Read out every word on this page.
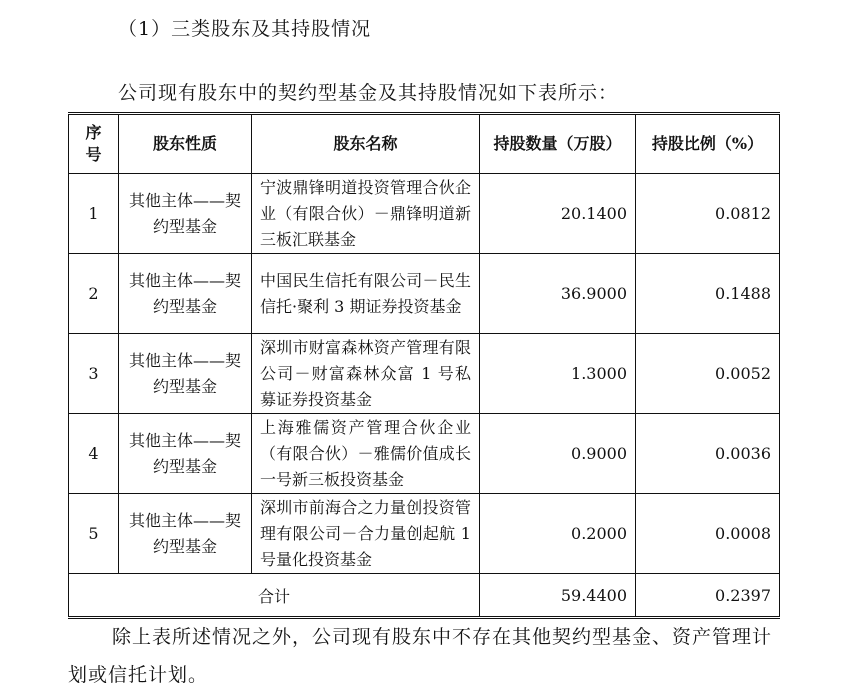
（1）三类股东及其持股情况
公司现有股东中的契约型基金及其持股情况如下表所示：
序号	股东性质	股东名称	持股数量（万股）	持股比例（%）
1	其他主体——契约型基金	宁波鼎锋明道投资管理合伙企业（有限合伙）－鼎锋明道新三板汇联基金	20.1400	0.0812
2	其他主体——契约型基金	中国民生信托有限公司－民生信托·聚利 3 期证券投资基金	36.9000	0.1488
3	其他主体——契约型基金	深圳市财富森林资产管理有限公司－财富森林众富 1 号私募证券投资基金	1.3000	0.0052
4	其他主体——契约型基金	上海雅儒资产管理合伙企业（有限合伙）－雅儒价值成长一号新三板投资基金	0.9000	0.0036
5	其他主体——契约型基金	深圳市前海合之力量创投资管理有限公司－合力量创起航 1 号量化投资基金	0.2000	0.0008
合计			59.4400	0.2397
除上表所述情况之外，公司现有股东中不存在其他契约型基金、资产管理计划或信托计划。
